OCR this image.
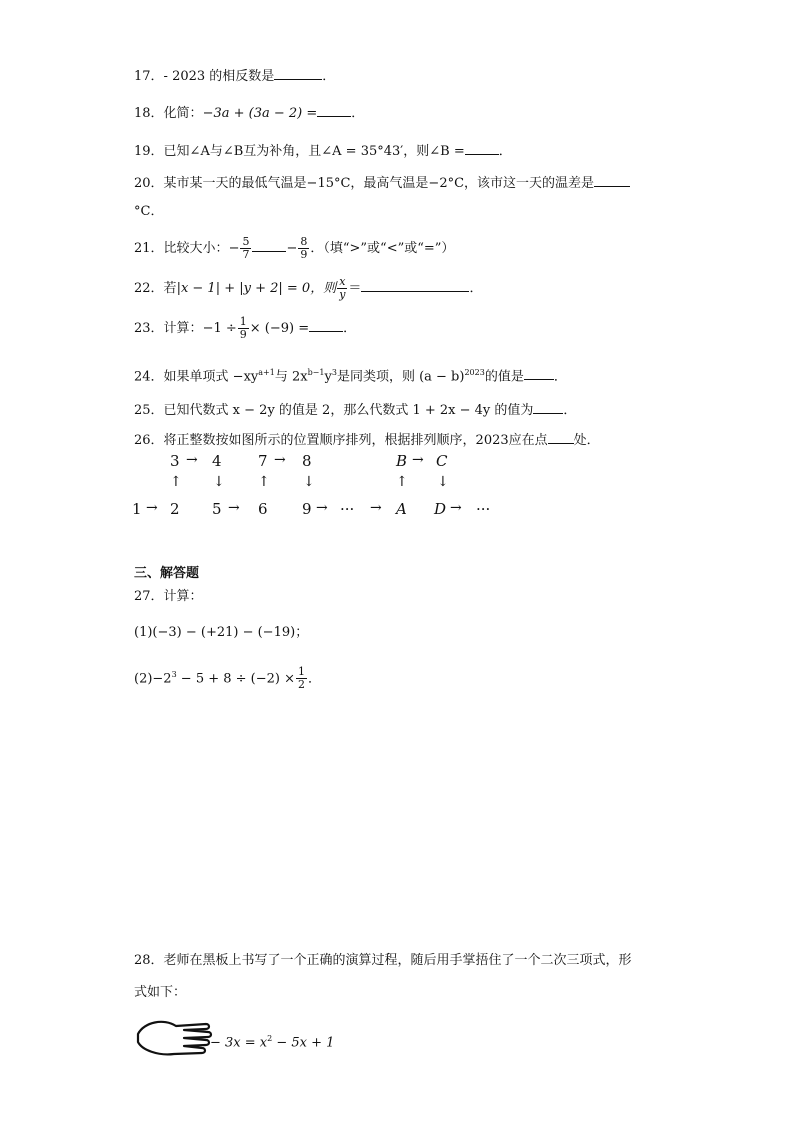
17．- 2023 的相反数是	．
18．化简：−3a + (3a − 2) =	．
19．已知∠A与∠B互为补角，且∠A = 35°43′，则∠B =	．
20．某市某一天的最低气温是−15°C，最高气温是−2°C，该市这一天的温差是
°C．
21．比较大小：− $\frac{5}{7}$	− $\frac{8}{9}$ ．（填“>”或“<”或“=”）
22．若|x − 1| + |y + 2| = 0，则 $\frac{x}{y}$ ＝	．
23．计算：$-1 \div \frac{1}{9} \times (-9)$ =	．
24．如果单项式 $-xy^{a+1}$与 $2x^{b-1}y^3$是同类项，则 $(a - b)^{2023}$的值是 ．
25．已知代数式 x − 2y 的值是 2，那么代数式 1 + 2x − 4y 的值为 ．
26．将正整数按如图所示的位置顺序排列，根据排列顺序，2023应在点 处．
3 → 4 7 → 8	B → C
↑ ↓ ↑ ↓	↑ ↓
1 → 2 5 → 6 9 → ··· → A D → ···
三、解答题
27．计算：
(1)(−3) − (+21) − (−19)；
$(2)-2^3 - 5 + 8 \div (-2) \times \frac{1}{2}$ ．
28．老师在黑板上书写了一个正确的演算过程，随后用手掌捂住了一个二次三项式，形
式如下：
− $3x = x^2 - 5x + 1$
